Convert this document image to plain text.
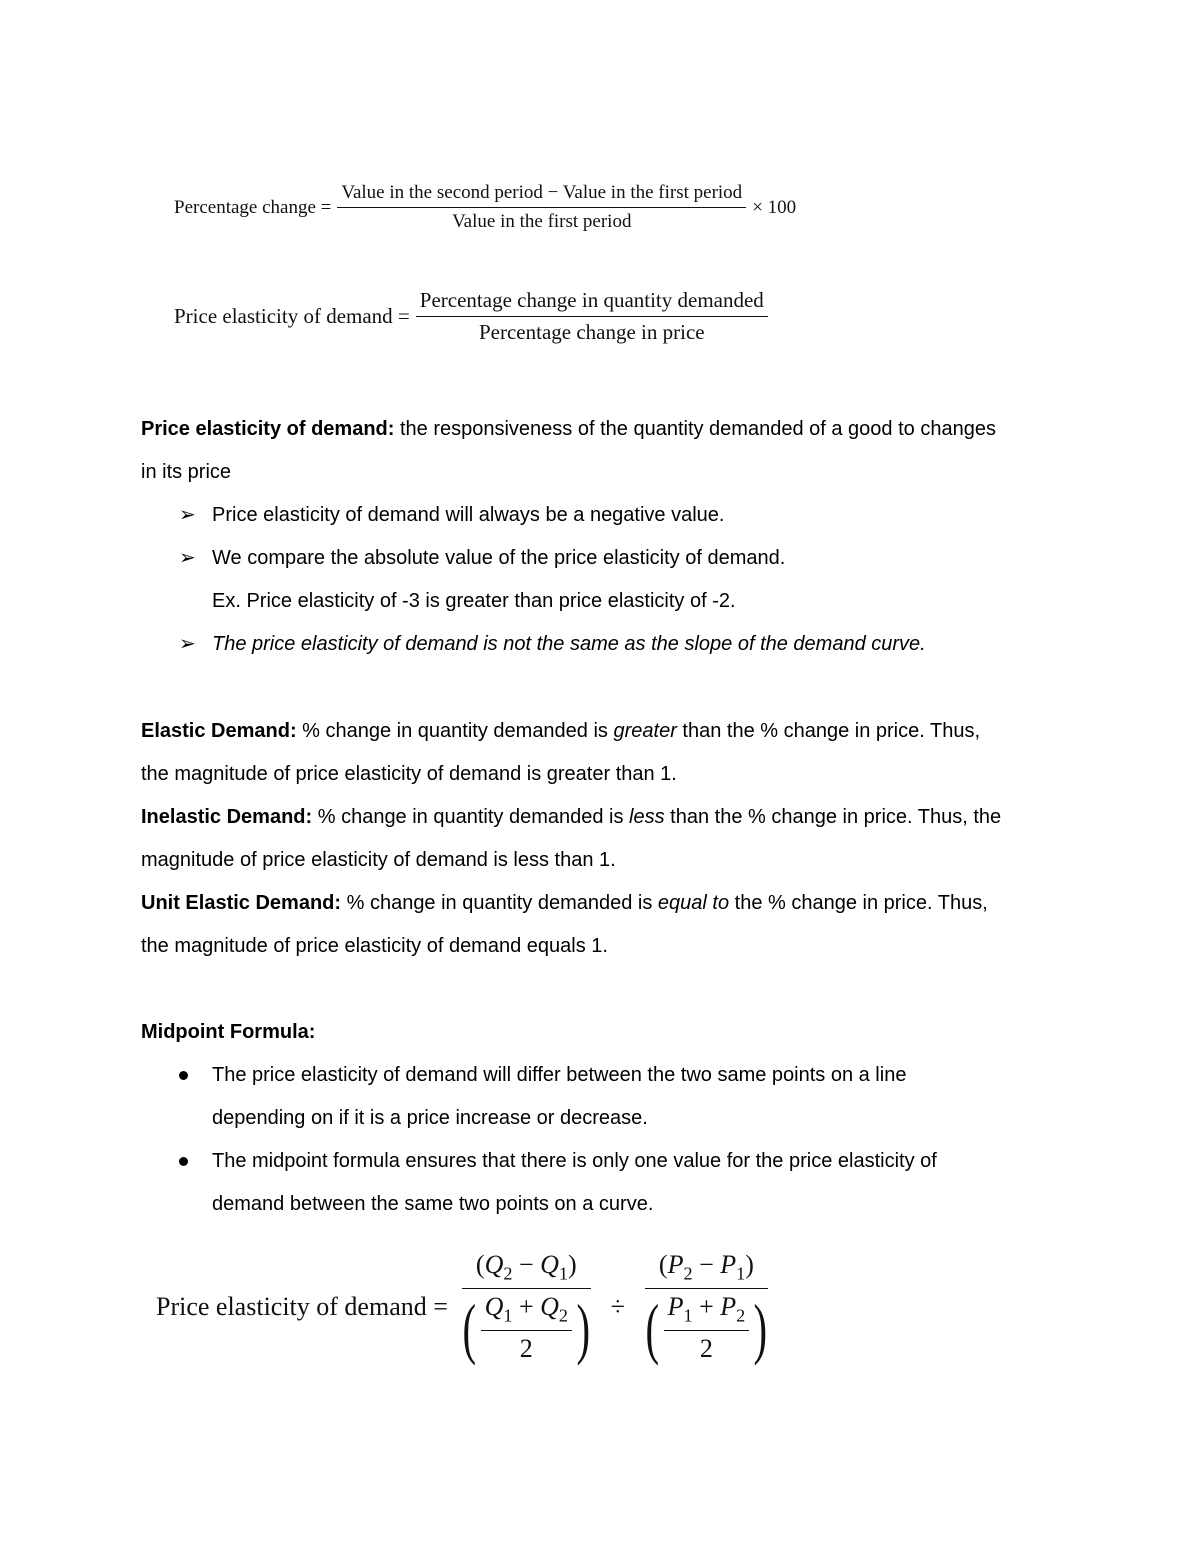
Percentage change = $\frac{\text{Value in the second period − Value in the first period}}{\text{Value in the first period}} \times 100$
Price elasticity of demand = $\frac{\text{Percentage change in quantity demanded}}{\text{Percentage change in price}}$
Price elasticity of demand: the responsiveness of the quantity demanded of a good to changes
in its price
➢ Price elasticity of demand will always be a negative value.
➢ We compare the absolute value of the price elasticity of demand.
Ex. Price elasticity of -3 is greater than price elasticity of -2.
➢ The price elasticity of demand is not the same as the slope of the demand curve.
Elastic Demand: % change in quantity demanded is greater than the % change in price. Thus,
the magnitude of price elasticity of demand is greater than 1.
Inelastic Demand: % change in quantity demanded is less than the % change in price. Thus, the
magnitude of price elasticity of demand is less than 1.
Unit Elastic Demand: % change in quantity demanded is equal to the % change in price. Thus,
the magnitude of price elasticity of demand equals 1.
Midpoint Formula:
The price elasticity of demand will differ between the two same points on a line
depending on if it is a price increase or decrease.
The midpoint formula ensures that there is only one value for the price elasticity of
demand between the same two points on a curve.
Price elasticity of demand = $\frac{(Q_2 - Q_1)}{( \frac{Q_1 + Q_2}{2} )} \div \frac{(P_2 - P_1)}{( \frac{P_1 + P_2}{2} )}$
